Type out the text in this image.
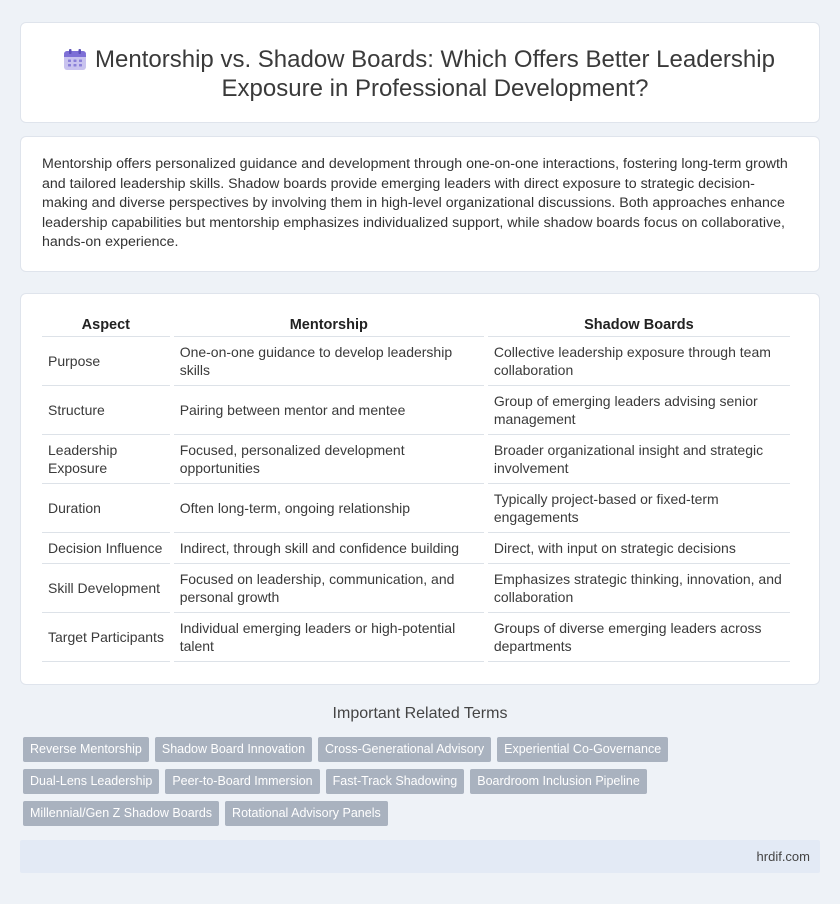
Mentorship vs. Shadow Boards: Which Offers Better Leadership Exposure in Professional Development?

Mentorship offers personalized guidance and development through one-on-one interactions, fostering long-term growth and tailored leadership skills. Shadow boards provide emerging leaders with direct exposure to strategic decision-making and diverse perspectives by involving them in high-level organizational discussions. Both approaches enhance leadership capabilities but mentorship emphasizes individualized support, while shadow boards focus on collaborative, hands-on experience.

Aspect	Mentorship	Shadow Boards
Purpose	One-on-one guidance to develop leadership skills	Collective leadership exposure through team collaboration
Structure	Pairing between mentor and mentee	Group of emerging leaders advising senior management
Leadership Exposure	Focused, personalized development opportunities	Broader organizational insight and strategic involvement
Duration	Often long-term, ongoing relationship	Typically project-based or fixed-term engagements
Decision Influence	Indirect, through skill and confidence building	Direct, with input on strategic decisions
Skill Development	Focused on leadership, communication, and personal growth	Emphasizes strategic thinking, innovation, and collaboration
Target Participants	Individual emerging leaders or high-potential talent	Groups of diverse emerging leaders across departments
Important Related Terms
Reverse Mentorship Shadow Board Innovation Cross-Generational Advisory Experiential Co-GovernanceDual-Lens Leadership Peer-to-Board Immersion Fast-Track Shadowing Boardroom Inclusion PipelineMillennial/Gen Z Shadow Boards Rotational Advisory Panels
hrdif.com
